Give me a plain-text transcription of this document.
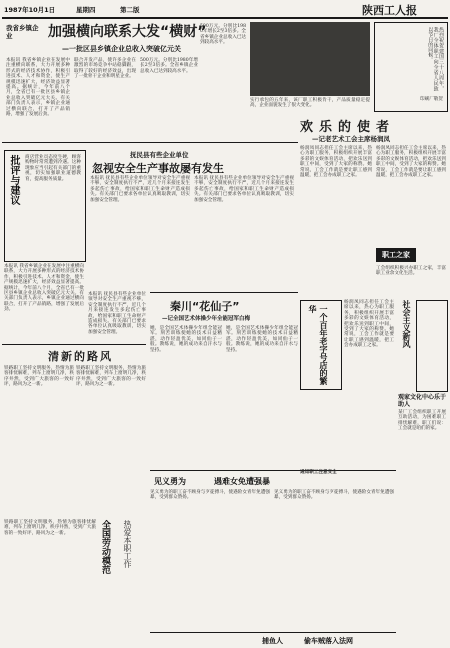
1987年10月1日	星期四	第二版	陕西工人报
我省乡镇企业	加强横向联系大发“横财”
—一批区县乡镇企业总收入突破亿元关
本报讯 我省乡镇企业在发展中注重横向联系，大力开展多种形式的经济技术协作，积极引进技术、人才和资金，使生产规模迅速扩大，经济效益显著提高。据统计，今年前八个月，全省已有一批区县乡镇企业总收入突破亿元大关。有关部门负责人表示，乡镇企业通过横向联合，打开了产品销路，增强了发展后劲。
联合开发产品，使许多企业在激烈的市场竞争中站稳脚跟，取得了较好的经济效益，出现了一批骨干企业和明星企业。
500万元。分别比1980年增长2至3倍多。全省乡镇企业总收入已达到较高水平。
500万元。分别比1980年增长2至3倍多。全省乡镇企业总收入已达到较高水平。
实行承包的五年来，该厂职工积极肯干，产品质量稳定提高，企业面貌发生了很大变化。
热烈祝贺建国三十八周年，我厂全体职工向全省人民致以节日的问候。
印刷厂敬贺
欢乐的使者
—记老艺术工会主席杨润凤
杨润凤同志担任工会主席以来，热心为职工服务，积极组织开展丰富多彩的文娱体育活动，把欢乐送到职工中间，受到了大家的称赞。她常说，工会工作就是要让职工感到温暖，把工会办成职工之家。
杨润凤同志担任工会主席以来，热心为职工服务，积极组织开展丰富多彩的文娱体育活动，把欢乐送到职工中间，受到了大家的称赞。她常说，工会工作就是要让职工感到温暖，把工会办成职工之家。
职工之家
工会组织积极兴办职工之家，丰富职工业余文化生活。
批评与建议	商店营业员态度生硬，顾客购物时常常遭到冷遇。这种现象应当引起有关部门的重视，切实加强职业道德教育，提高服务质量。
抚民县有些企业单位
忽视安全生产事故屡有发生
本报讯 抚民县有些企业单位领导对安全生产重视不够，安全制度执行不严，近几个月来接连发生多起伤亡事故，给国家和职工生命财产造成损失。有关部门已要求各单位认真吸取教训，切实加强安全管理。
本报讯 抚民县有些企业单位领导对安全生产重视不够，安全制度执行不严，近几个月来接连发生多起伤亡事故，给国家和职工生命财产造成损失。有关部门已要求各单位认真吸取教训，切实加强安全管理。
秦川“花仙子”
—记全国艺术体操少年全能冠军白梅
她，是全国艺术体操少年组全能冠军。刻苦训练使她的技术日益精湛，动作轻盈优美，如同仙子一般。教练说，她的成功来自汗水与坚持。
她，是全国艺术体操少年组全能冠军。刻苦训练使她的技术日益精湛，动作轻盈优美，如同仙子一般。教练说，她的成功来自汗水与坚持。
本报讯 我省乡镇企业在发展中注重横向联系，大力开展多种形式的经济技术协作，积极引进技术、人才和资金，使生产规模迅速扩大，经济效益显著提高。据统计，今年前八个月，全省已有一批区县乡镇企业总收入突破亿元大关。有关部门负责人表示，乡镇企业通过横向联合，打开了产品销路，增强了发展后劲。
本报讯 抚民县有些企业单位领导对安全生产重视不够，安全制度执行不严，近几个月来接连发生多起伤亡事故，给国家和职工生命财产造成损失。有关部门已要求各单位认真吸取教训，切实加强安全管理。
清新的路风
铁路职工坚持文明服务，热情为旅客排忧解难，列车上窗明几净，秩序井然，受到广大旅客的一致好评，路风为之一新。
铁路职工坚持文明服务，热情为旅客排忧解难，列车上窗明几净，秩序井然，受到广大旅客的一致好评，路风为之一新。
全国劳动模范	热爱本职工作
铁路职工坚持文明服务，热情为旅客排忧解难，列车上窗明几净，秩序井然，受到广大旅客的一致好评，路风为之一新。
一个百年老字号店的繁华
杨润凤同志担任工会主席以来，热心为职工服务，积极组织开展丰富多彩的文娱体育活动，把欢乐送到职工中间，受到了大家的称赞。她常说，工会工作就是要让职工感到温暖，把工会办成职工之家。	社会主义新风
观家文化中心乐于助人
某厂工会组织职工开展互助活动，为困难职工排忧解难，职工们说：工会就是咱们的家。
见义勇为	遇难女免遭强暴
通知职工注意安全
见义勇为的职工奋不顾身与歹徒搏斗，使遇险女青年免遭强暴，受到群众赞扬。
见义勇为的职工奋不顾身与歹徒搏斗，使遇险女青年免遭强暴，受到群众赞扬。
捕鱼人	偷车贼落入法网
